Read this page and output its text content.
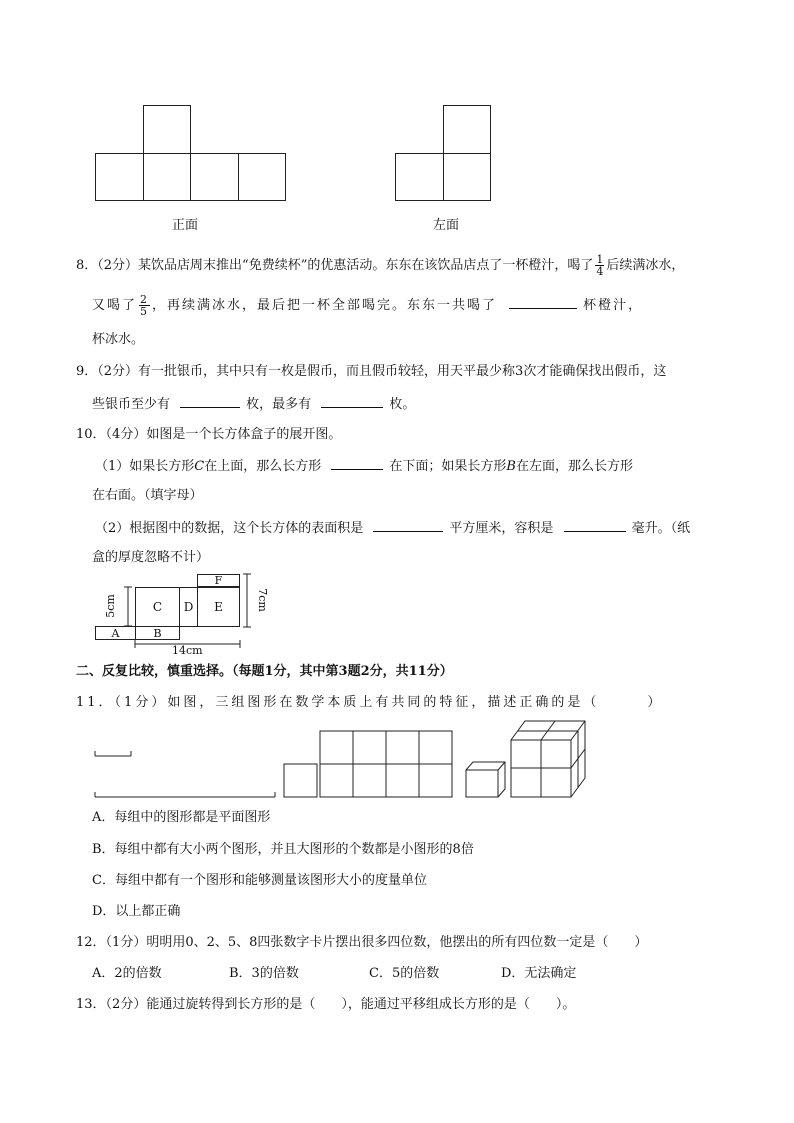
正面	左面
8．（2分）某饮品店周末推出“免费续杯”的优惠活动。东东在该饮品店点了一杯橙汁，喝了 $\frac{1}{4}$ 后续满冰水，
又喝了 $\frac{2}{5}$ ，再续满冰水，最后把一杯全部喝完。东东一共喝了	杯橙汁，
杯冰水。
9．（2分）有一批银币，其中只有一枚是假币，而且假币较轻，用天平最少称3次才能确保找出假币，这
些银币至少有	枚，最多有	枚。
10．（4分）如图是一个长方体盒子的展开图。
（1）如果长方形C在上面，那么长方形	在下面；如果长方形B在左面，那么长方形
在右面。（填字母）
（2）根据图中的数据，这个长方体的表面积是	平方厘米，容积是	毫升。（纸
盒的厚度忽略不计）
F
C	D	E
A	B
5cm	7cm
14cm
二、反复比较，慎重选择。（每题1分，其中第3题2分，共11分）
11．（1分）如图，三组图形在数学本质上有共同的特征，描述正确的是（　　　）
A．每组中的图形都是平面图形
B．每组中都有大小两个图形，并且大图形的个数都是小图形的8倍
C．每组中都有一个图形和能够测量该图形大小的度量单位
D．以上都正确
12．（1分）明明用0、2、5、8四张数字卡片摆出很多四位数，他摆出的所有四位数一定是（　　）
A．2的倍数	B．3的倍数	C．5的倍数	D．无法确定
13．（2分）能通过旋转得到长方形的是（　　），能通过平移组成长方形的是（　　）。
